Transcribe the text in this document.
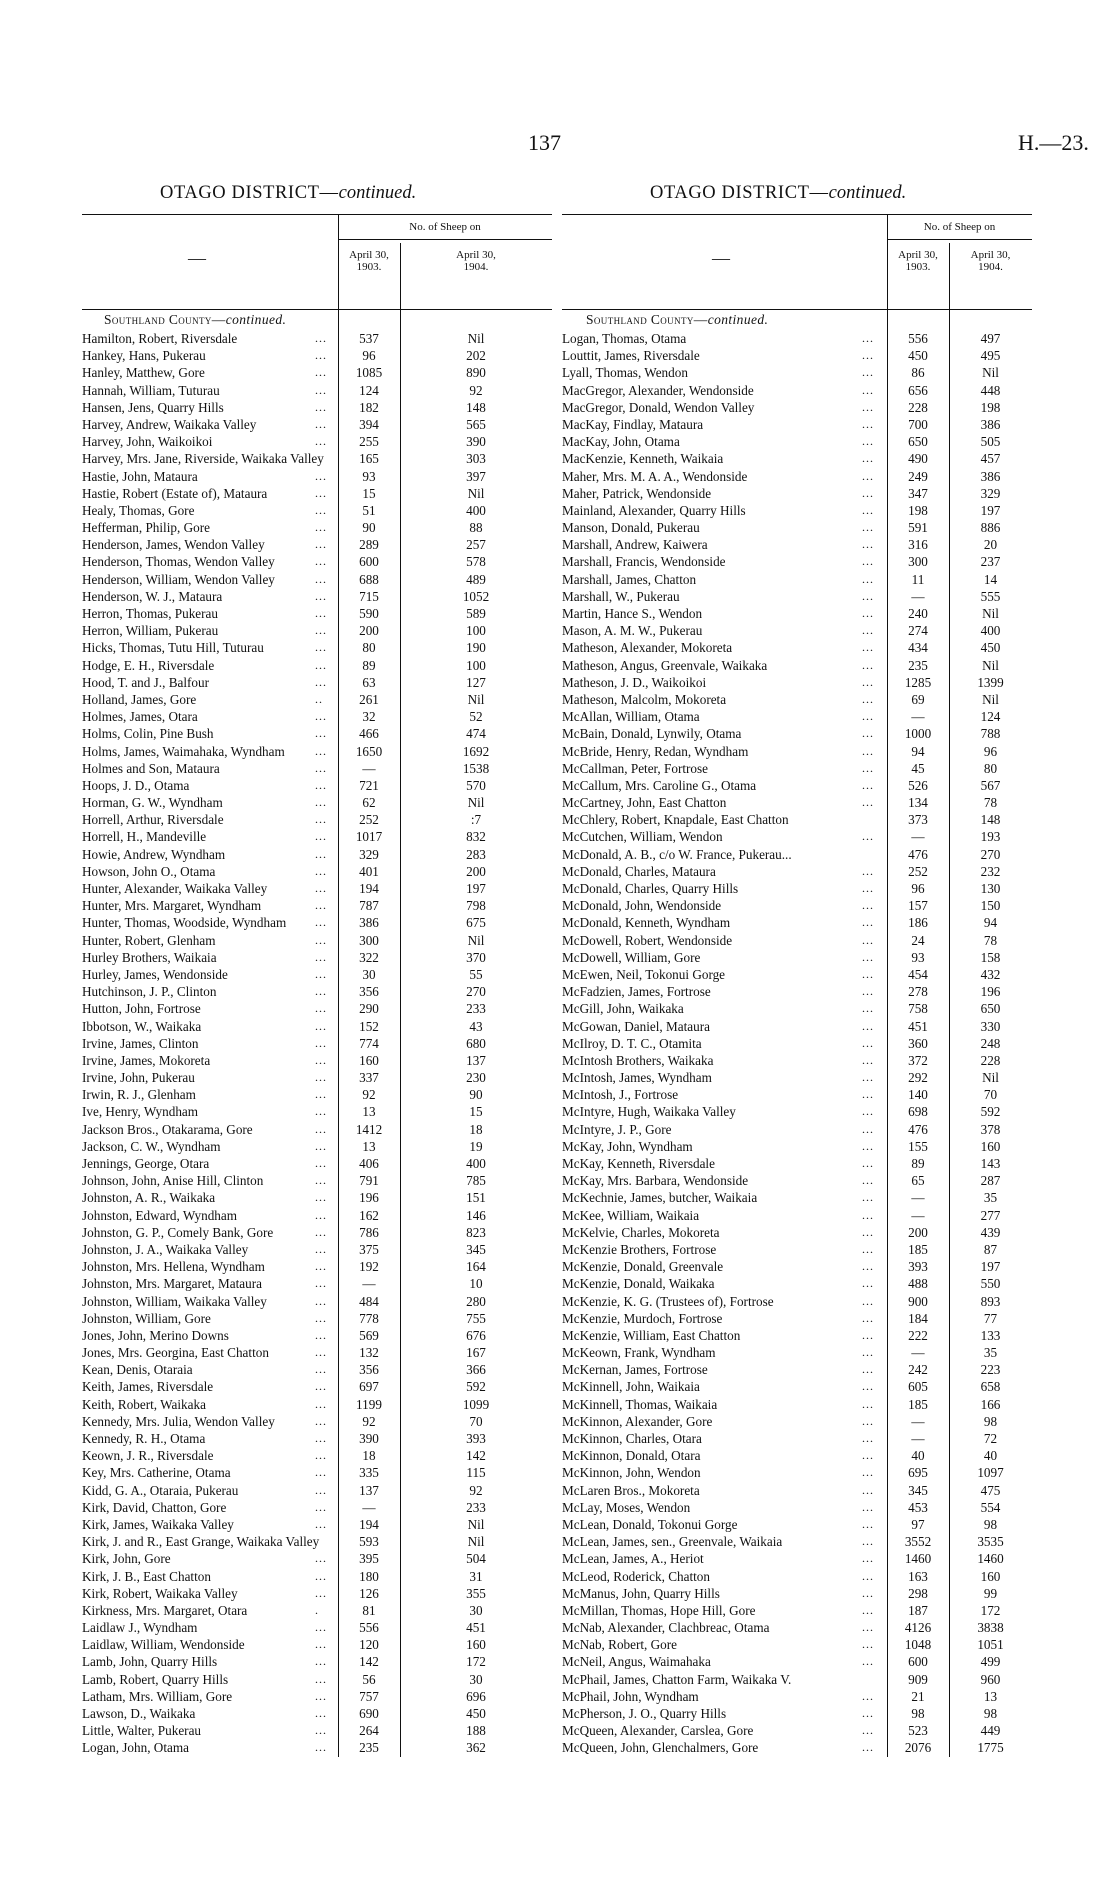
137	H.—23.
OTAGO DISTRICT—continued.	OTAGO DISTRICT—continued.
—
No. of Sheep on
April 30,
1903.
April 30,
1904.
Southland County—continued.
Hamilton, Robert, Riversdale	...	537	Nil
Hankey, Hans, Pukerau	...	96	202
Hanley, Matthew, Gore	...	1085	890
Hannah, William, Tuturau	...	124	92
Hansen, Jens, Quarry Hills	...	182	148
Harvey, Andrew, Waikaka Valley	...	394	565
Harvey, John, Waikoikoi	...	255	390
Harvey, Mrs. Jane, Riverside, Waikaka Valley	165	303
Hastie, John, Mataura	...	93	397
Hastie, Robert (Estate of), Mataura	...	15	Nil
Healy, Thomas, Gore	...	51	400
Hefferman, Philip, Gore	...	90	88
Henderson, James, Wendon Valley	...	289	257
Henderson, Thomas, Wendon Valley	...	600	578
Henderson, William, Wendon Valley	...	688	489
Henderson, W. J., Mataura	...	715	1052
Herron, Thomas, Pukerau	...	590	589
Herron, William, Pukerau	...	200	100
Hicks, Thomas, Tutu Hill, Tuturau	...	80	190
Hodge, E. H., Riversdale	...	89	100
Hood, T. and J., Balfour	...	63	127
Holland, James, Gore	..	261	Nil
Holmes, James, Otara	...	32	52
Holms, Colin, Pine Bush	...	466	474
Holms, James, Waimahaka, Wyndham	...	1650	1692
Holmes and Son, Mataura	...	—	1538
Hoops, J. D., Otama	...	721	570
Horman, G. W., Wyndham	...	62	Nil
Horrell, Arthur, Riversdale	...	252	:7
Horrell, H., Mandeville	...	1017	832
Howie, Andrew, Wyndham	...	329	283
Howson, John O., Otama	...	401	200
Hunter, Alexander, Waikaka Valley	...	194	197
Hunter, Mrs. Margaret, Wyndham	...	787	798
Hunter, Thomas, Woodside, Wyndham ...	386	675
Hunter, Robert, Glenham	...	300	Nil
Hurley Brothers, Waikaia	...	322	370
Hurley, James, Wendonside	...	30	55
Hutchinson, J. P., Clinton	...	356	270
Hutton, John, Fortrose	...	290	233
Ibbotson, W., Waikaka	...	152	43
Irvine, James, Clinton	...	774	680
Irvine, James, Mokoreta	...	160	137
Irvine, John, Pukerau	...	337	230
Irwin, R. J., Glenham	...	92	90
Ive, Henry, Wyndham	...	13	15
Jackson Bros., Otakarama, Gore	...	1412	18
Jackson, C. W., Wyndham	...	13	19
Jennings, George, Otara	...	406	400
Johnson, John, Anise Hill, Clinton	...	791	785
Johnston, A. R., Waikaka	...	196	151
Johnston, Edward, Wyndham	...	162	146
Johnston, G. P., Comely Bank, Gore	...	786	823
Johnston, J. A., Waikaka Valley	...	375	345
Johnston, Mrs. Hellena, Wyndham	...	192	164
Johnston, Mrs. Margaret, Mataura	...	—	10
Johnston, William, Waikaka Valley	...	484	280
Johnston, William, Gore	...	778	755
Jones, John, Merino Downs	...	569	676
Jones, Mrs. Georgina, East Chatton	...	132	167
Kean, Denis, Otaraia	...	356	366
Keith, James, Riversdale	...	697	592
Keith, Robert, Waikaka	...	1199	1099
Kennedy, Mrs. Julia, Wendon Valley	...	92	70
Kennedy, R. H., Otama	...	390	393
Keown, J. R., Riversdale	...	18	142
Key, Mrs. Catherine, Otama	...	335	115
Kidd, G. A., Otaraia, Pukerau	...	137	92
Kirk, David, Chatton, Gore	...	—	233
Kirk, James, Waikaka Valley	...	194	Nil
Kirk, J. and R., East Grange, Waikaka Valley	593	Nil
Kirk, John, Gore	...	395	504
Kirk, J. B., East Chatton	...	180	31
Kirk, Robert, Waikaka Valley	...	126	355
Kirkness, Mrs. Margaret, Otara	.	81	30
Laidlaw J., Wyndham	...	556	451
Laidlaw, William, Wendonside	...	120	160
Lamb, John, Quarry Hills	...	142	172
Lamb, Robert, Quarry Hills	...	56	30
Latham, Mrs. William, Gore	...	757	696
Lawson, D., Waikaka	...	690	450
Little, Walter, Pukerau	...	264	188
Logan, John, Otama	...	235	362
—
No. of Sheep on
April 30,
1903.
April 30,
1904.
Southland County—continued.
Logan, Thomas, Otama	...	556	497
Louttit, James, Riversdale	...	450	495
Lyall, Thomas, Wendon	...	86	Nil
MacGregor, Alexander, Wendonside	...	656	448
MacGregor, Donald, Wendon Valley	...	228	198
MacKay, Findlay, Mataura	...	700	386
MacKay, John, Otama	...	650	505
MacKenzie, Kenneth, Waikaia	...	490	457
Maher, Mrs. M. A. A., Wendonside	...	249	386
Maher, Patrick, Wendonside	...	347	329
Mainland, Alexander, Quarry Hills	...	198	197
Manson, Donald, Pukerau	...	591	886
Marshall, Andrew, Kaiwera	...	316	20
Marshall, Francis, Wendonside	...	300	237
Marshall, James, Chatton	...	11	14
Marshall, W., Pukerau	...	—	555
Martin, Hance S., Wendon	...	240	Nil
Mason, A. M. W., Pukerau	...	274	400
Matheson, Alexander, Mokoreta	...	434	450
Matheson, Angus, Greenvale, Waikaka	...	235	Nil
Matheson, J. D., Waikoikoi	...	1285	1399
Matheson, Malcolm, Mokoreta	...	69	Nil
McAllan, William, Otama	...	—	124
McBain, Donald, Lynwily, Otama	...	1000	788
McBride, Henry, Redan, Wyndham	...	94	96
McCallman, Peter, Fortrose	...	45	80
McCallum, Mrs. Caroline G., Otama	...	526	567
McCartney, John, East Chatton	...	134	78
McChlery, Robert, Knapdale, East Chatton	373	148
McCutchen, William, Wendon	...	—	193
McDonald, A. B., c/o W. France, Pukerau...	476	270
McDonald, Charles, Mataura	...	252	232
McDonald, Charles, Quarry Hills	...	96	130
McDonald, John, Wendonside	...	157	150
McDonald, Kenneth, Wyndham	...	186	94
McDowell, Robert, Wendonside	...	24	78
McDowell, William, Gore	...	93	158
McEwen, Neil, Tokonui Gorge	...	454	432
McFadzien, James, Fortrose	...	278	196
McGill, John, Waikaka	...	758	650
McGowan, Daniel, Mataura	...	451	330
McIlroy, D. T. C., Otamita	...	360	248
McIntosh Brothers, Waikaka	...	372	228
McIntosh, James, Wyndham	...	292	Nil
McIntosh, J., Fortrose	...	140	70
McIntyre, Hugh, Waikaka Valley	...	698	592
McIntyre, J. P., Gore	...	476	378
McKay, John, Wyndham	...	155	160
McKay, Kenneth, Riversdale	...	89	143
McKay, Mrs. Barbara, Wendonside	...	65	287
McKechnie, James, butcher, Waikaia	...	—	35
McKee, William, Waikaia	...	—	277
McKelvie, Charles, Mokoreta	...	200	439
McKenzie Brothers, Fortrose	...	185	87
McKenzie, Donald, Greenvale	...	393	197
McKenzie, Donald, Waikaka	...	488	550
McKenzie, K. G. (Trustees of), Fortrose	...	900	893
McKenzie, Murdoch, Fortrose	...	184	77
McKenzie, William, East Chatton	...	222	133
McKeown, Frank, Wyndham	...	—	35
McKernan, James, Fortrose	...	242	223
McKinnell, John, Waikaia	...	605	658
McKinnell, Thomas, Waikaia	...	185	166
McKinnon, Alexander, Gore	...	—	98
McKinnon, Charles, Otara	...	—	72
McKinnon, Donald, Otara	...	40	40
McKinnon, John, Wendon	...	695	1097
McLaren Bros., Mokoreta	...	345	475
McLay, Moses, Wendon	...	453	554
McLean, Donald, Tokonui Gorge	...	97	98
McLean, James, sen., Greenvale, Waikaia	...	3552	3535
McLean, James, A., Heriot	...	1460	1460
McLeod, Roderick, Chatton	...	163	160
McManus, John, Quarry Hills	...	298	99
McMillan, Thomas, Hope Hill, Gore	...	187	172
McNab, Alexander, Clachbreac, Otama	...	4126	3838
McNab, Robert, Gore	...	1048	1051
McNeil, Angus, Waimahaka	...	600	499
McPhail, James, Chatton Farm, Waikaka V.	909	960
McPhail, John, Wyndham	...	21	13
McPherson, J. O., Quarry Hills	...	98	98
McQueen, Alexander, Carslea, Gore	...	523	449
McQueen, John, Glenchalmers, Gore	...	2076	1775
